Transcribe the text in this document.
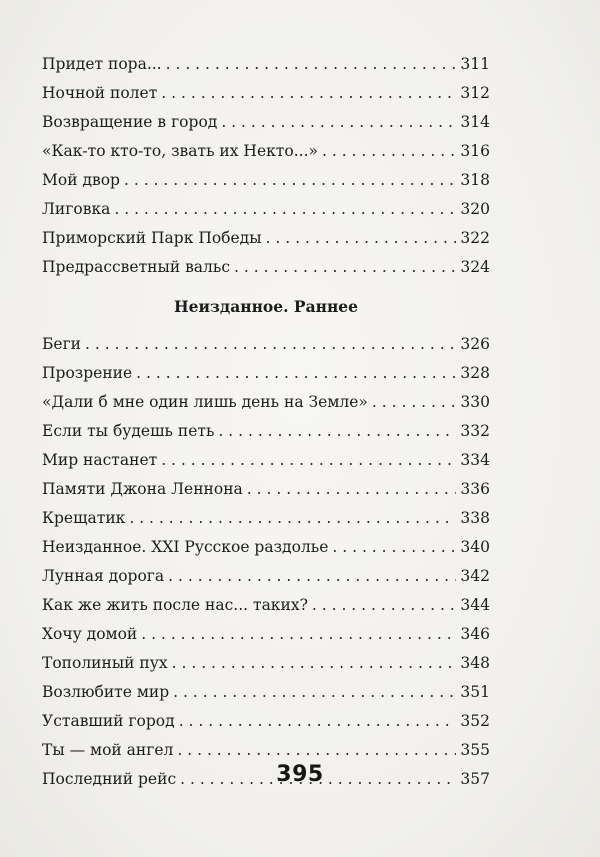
Придет пора... . . .	311
Ночной полет . . .	312
Возвращение в город . . .	314
«Как-то кто-то, звать их Некто...» . . .	316
Мой двор . . .	318
Лиговка . . .	320
Приморский Парк Победы . . .	322
Предрассветный вальс . . .	324
Неизданное. Раннее
Беги . . .	326
Прозрение . . .	328
«Дали б мне один лишь день на Земле» . . .	330
Если ты будешь петь . . .	332
Мир настанет . . .	334
Памяти Джона Леннона . . .	336
Крещатик . . .	338
Неизданное. XXI Русское раздолье . . .	340
Лунная дорога . . .	342
Как же жить после нас... таких? . . .	344
Хочу домой . . .	346
Тополиный пух . . .	348
Возлюбите мир . . .	351
Уставший город . . .	352
Ты — мой ангел . . .	355
Последний рейс . . .	357
395
